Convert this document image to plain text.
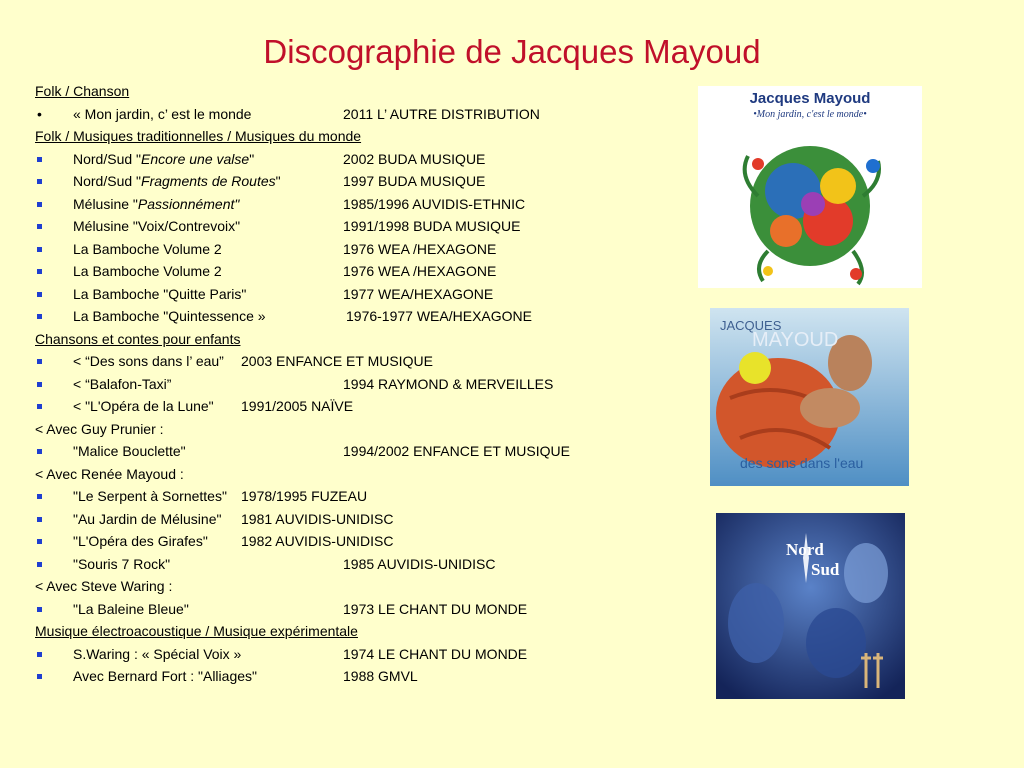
Discographie de Jacques Mayoud
Folk / Chanson
• « Mon jardin, c’ est le monde	2011 L’ AUTRE DISTRIBUTION
Folk / Musiques traditionnelles / Musiques du monde
Nord/Sud "Encore une valse"	2002 BUDA MUSIQUE
Nord/Sud "Fragments de Routes"	1997 BUDA MUSIQUE
Mélusine "Passionnément"	1985/1996 AUVIDIS-ETHNIC
Mélusine "Voix/Contrevoix"	1991/1998 BUDA MUSIQUE
La Bamboche Volume 2	1976 WEA /HEXAGONE
La Bamboche Volume 2	1976 WEA /HEXAGONE
La Bamboche "Quitte Paris"	1977 WEA/HEXAGONE
La Bamboche "Quintessence »	1976-1977 WEA/HEXAGONE
Chansons et contes pour enfants
< “Des sons dans l’ eau” 2003 ENFANCE ET MUSIQUE
< “Balafon-Taxi”	1994 RAYMOND & MERVEILLES
< "L'Opéra de la Lune" 1991/2005 NAÏVE
< Avec Guy Prunier :
"Malice Bouclette"	1994/2002 ENFANCE ET MUSIQUE
< Avec Renée Mayoud :
"Le Serpent à Sornettes" 1978/1995 FUZEAU
"Au Jardin de Mélusine" 1981 AUVIDIS-UNIDISC
"L'Opéra des Girafes" 1982 AUVIDIS-UNIDISC
"Souris 7 Rock"	1985 AUVIDIS-UNIDISC
< Avec Steve Waring :
"La Baleine Bleue"	1973 LE CHANT DU MONDE
Musique électroacoustique / Musique expérimentale
S.Waring : « Spécial Voix »	1974 LE CHANT DU MONDE
Avec Bernard Fort : "Alliages"	1988 GMVL
Jacques Mayoud
•Mon jardin, c'est le monde•
JACQUES
MAYOUD
des sons dans l'eau
Nord
Sud
